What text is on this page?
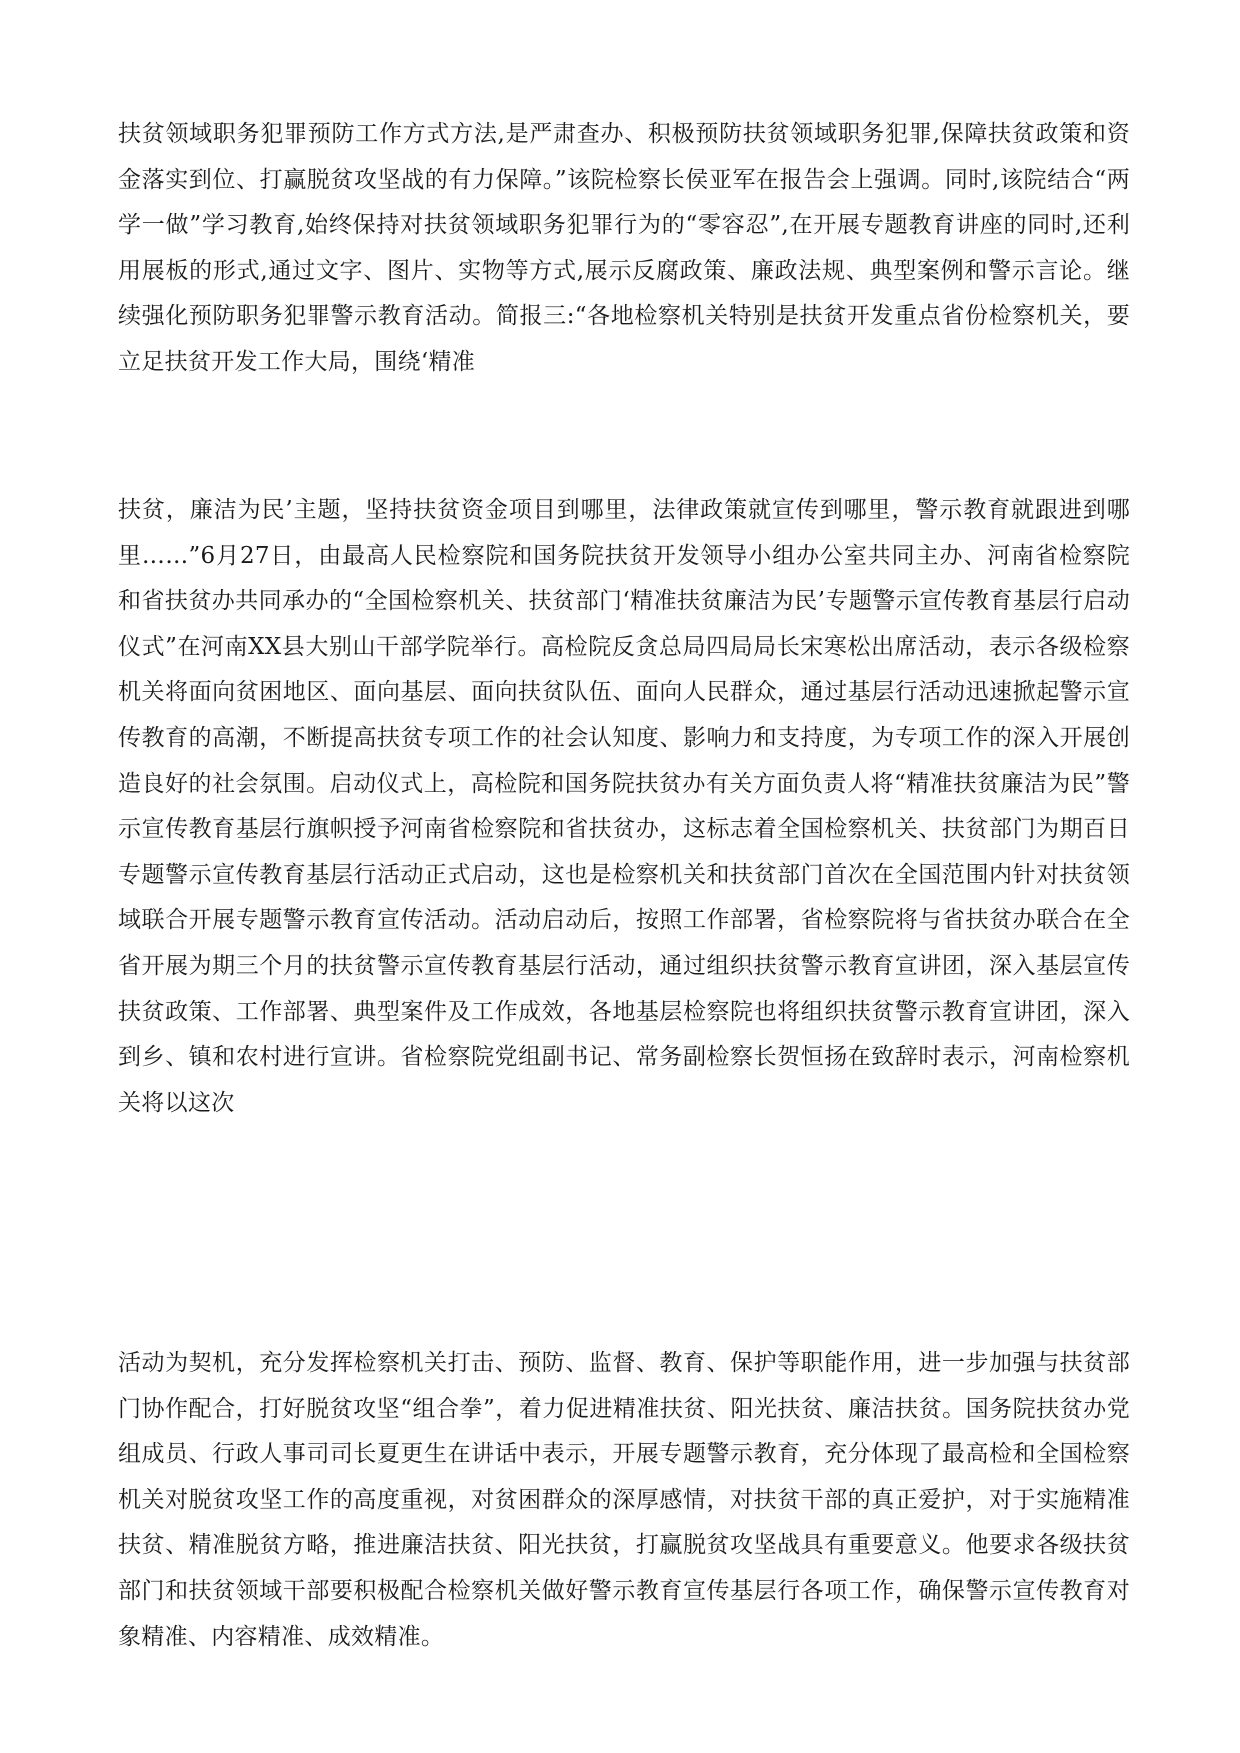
扶贫领域职务犯罪预防工作方式方法,是严肃查办、积极预防扶贫领域职务犯罪,保障扶贫政策和资金落实到位、打赢脱贫攻坚战的有力保障。”该院检察长侯亚军在报告会上强调。同时,该院结合“两学一做”学习教育,始终保持对扶贫领域职务犯罪行为的“零容忍”,在开展专题教育讲座的同时,还利用展板的形式,通过文字、图片、实物等方式,展示反腐政策、廉政法规、典型案例和警示言论。继续强化预防职务犯罪警示教育活动。简报三:“各地检察机关特别是扶贫开发重点省份检察机关，要立足扶贫开发工作大局，围绕‘精准

扶贫，廉洁为民’主题，坚持扶贫资金项目到哪里，法律政策就宣传到哪里，警示教育就跟进到哪里……”6月27日，由最高人民检察院和国务院扶贫开发领导小组办公室共同主办、河南省检察院和省扶贫办共同承办的“全国检察机关、扶贫部门‘精准扶贫廉洁为民’专题警示宣传教育基层行启动仪式”在河南XX县大别山干部学院举行。高检院反贪总局四局局长宋寒松出席活动，表示各级检察机关将面向贫困地区、面向基层、面向扶贫队伍、面向人民群众，通过基层行活动迅速掀起警示宣传教育的高潮，不断提高扶贫专项工作的社会认知度、影响力和支持度，为专项工作的深入开展创造良好的社会氛围。启动仪式上，高检院和国务院扶贫办有关方面负责人将“精准扶贫廉洁为民”警示宣传教育基层行旗帜授予河南省检察院和省扶贫办，这标志着全国检察机关、扶贫部门为期百日专题警示宣传教育基层行活动正式启动，这也是检察机关和扶贫部门首次在全国范围内针对扶贫领域联合开展专题警示教育宣传活动。活动启动后，按照工作部署，省检察院将与省扶贫办联合在全省开展为期三个月的扶贫警示宣传教育基层行活动，通过组织扶贫警示教育宣讲团，深入基层宣传扶贫政策、工作部署、典型案件及工作成效，各地基层检察院也将组织扶贫警示教育宣讲团，深入到乡、镇和农村进行宣讲。省检察院党组副书记、常务副检察长贺恒扬在致辞时表示，河南检察机关将以这次

活动为契机，充分发挥检察机关打击、预防、监督、教育、保护等职能作用，进一步加强与扶贫部门协作配合，打好脱贫攻坚“组合拳”，着力促进精准扶贫、阳光扶贫、廉洁扶贫。国务院扶贫办党组成员、行政人事司司长夏更生在讲话中表示，开展专题警示教育，充分体现了最高检和全国检察机关对脱贫攻坚工作的高度重视，对贫困群众的深厚感情，对扶贫干部的真正爱护，对于实施精准扶贫、精准脱贫方略，推进廉洁扶贫、阳光扶贫，打赢脱贫攻坚战具有重要意义。他要求各级扶贫部门和扶贫领域干部要积极配合检察机关做好警示教育宣传基层行各项工作，确保警示宣传教育对象精准、内容精准、成效精准。
